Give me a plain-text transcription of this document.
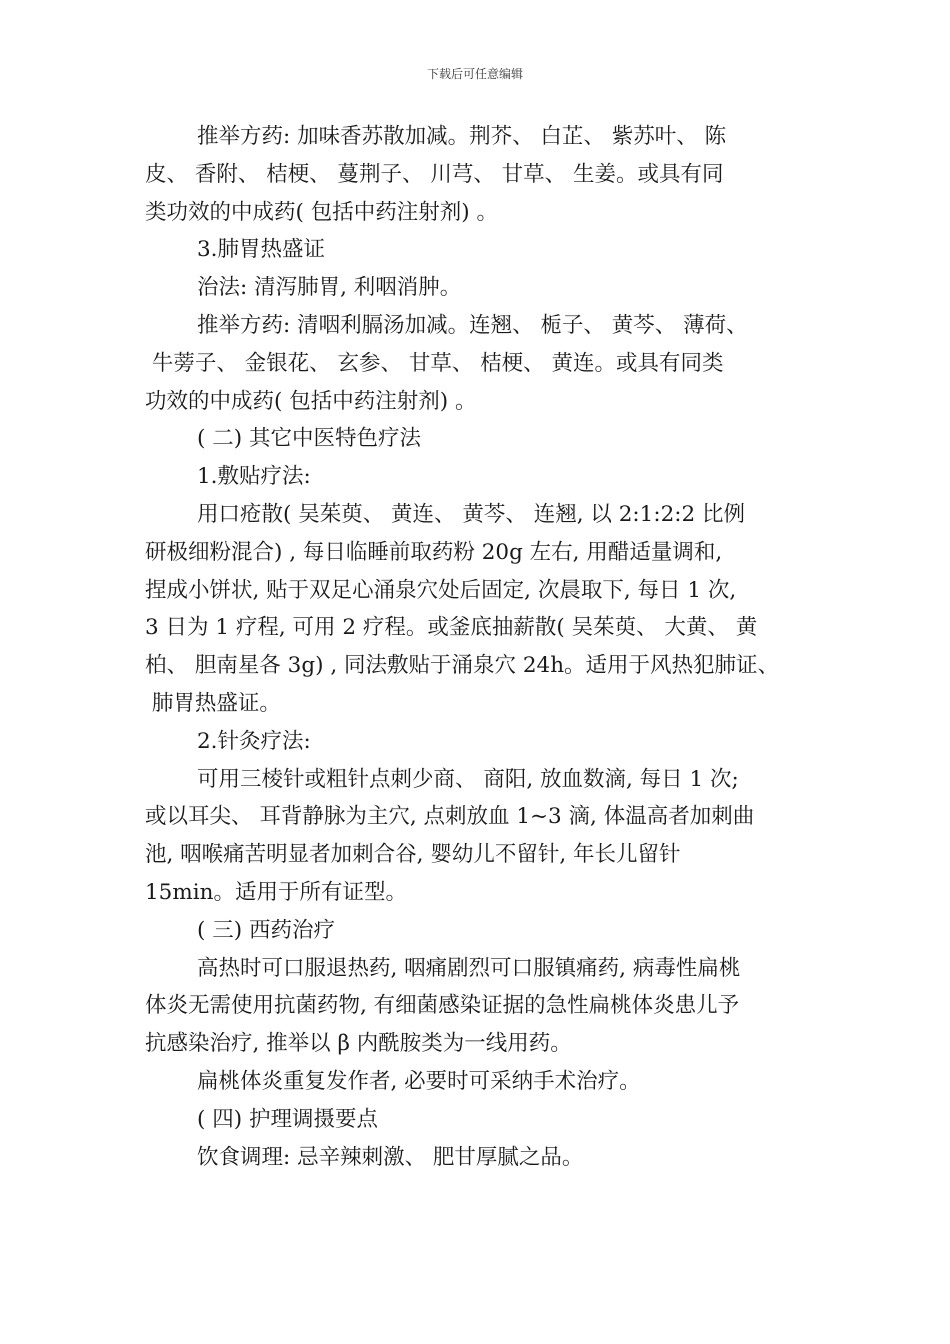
下载后可任意编辑
推举方药: 加味香苏散加减。荆芥、 白芷、 紫苏叶、 陈
皮、 香附、 桔梗、 蔓荆子、 川芎、 甘草、 生姜。或具有同
类功效的中成药( 包括中药注射剂) 。
3.肺胃热盛证
治法: 清泻肺胃, 利咽消肿。
推举方药: 清咽利膈汤加减。连翘、 栀子、 黄芩、 薄荷、
牛蒡子、 金银花、 玄参、 甘草、 桔梗、 黄连。或具有同类
功效的中成药( 包括中药注射剂) 。
( 二) 其它中医特色疗法
1.敷贴疗法:
用口疮散( 吴茱萸、 黄连、 黄芩、 连翘, 以 2:1:2:2 比例
研极细粉混合) , 每日临睡前取药粉 20g 左右, 用醋适量调和,
捏成小饼状, 贴于双足心涌泉穴处后固定, 次晨取下, 每日 1 次,
3 日为 1 疗程, 可用 2 疗程。或釜底抽薪散( 吴茱萸、 大黄、 黄
柏、 胆南星各 3g) , 同法敷贴于涌泉穴 24h。适用于风热犯肺证、
肺胃热盛证。
2.针灸疗法:
可用三棱针或粗针点刺少商、 商阳, 放血数滴, 每日 1 次;
或以耳尖、 耳背静脉为主穴, 点刺放血 1~3 滴, 体温高者加刺曲
池, 咽喉痛苦明显者加刺合谷, 婴幼儿不留针, 年长儿留针
15min。适用于所有证型。
( 三) 西药治疗
高热时可口服退热药, 咽痛剧烈可口服镇痛药, 病毒性扁桃
体炎无需使用抗菌药物, 有细菌感染证据的急性扁桃体炎患儿予
抗感染治疗, 推举以 β 内酰胺类为一线用药。
扁桃体炎重复发作者, 必要时可采纳手术治疗。
( 四) 护理调摄要点
饮食调理: 忌辛辣刺激、 肥甘厚腻之品。
